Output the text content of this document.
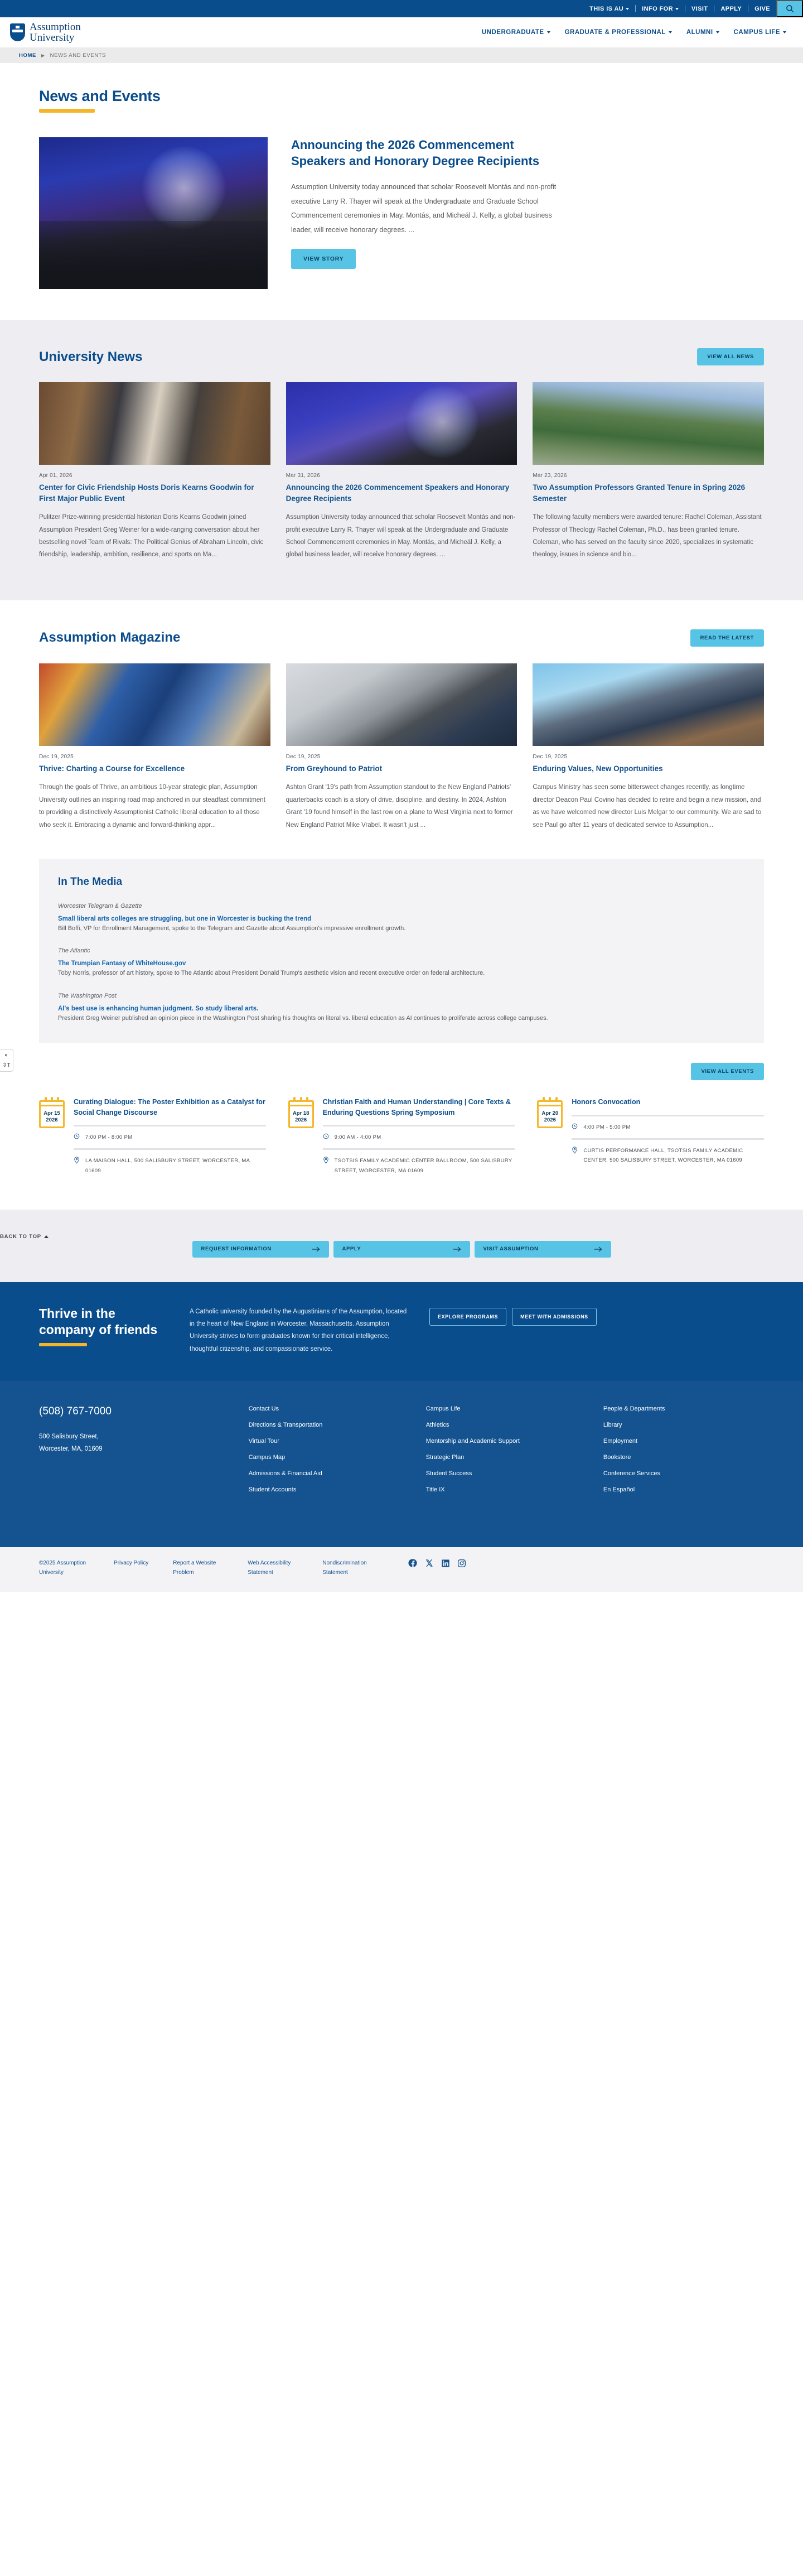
THIS IS AU	INFO FOR	VISIT APPLY GIVE
Assumption
University	UNDERGRADUATE	GRADUATE & PROFESSIONAL	ALUMNI	CAMPUS LIFE
HOME ▶ NEWS AND EVENTS
News and Events
Announcing the 2026 Commencement Speakers and Honorary Degree Recipients

Assumption University today announced that scholar Roosevelt Montás and non-profit executive Larry R. Thayer will speak at the Undergraduate and Graduate School Commencement ceremonies in May. Montás, and Micheál J. Kelly, a global business leader, will receive honorary degrees. ...

VIEW STORY
University News	VIEW ALL NEWS
Apr 01, 2026
Center for Civic Friendship Hosts Doris Kearns Goodwin for First Major Public Event

Pulitzer Prize-winning presidential historian Doris Kearns Goodwin joined Assumption President Greg Weiner for a wide-ranging conversation about her bestselling novel Team of Rivals: The Political Genius of Abraham Lincoln, civic friendship, leadership, ambition, resilience, and sports on Ma...

Mar 31, 2026
Announcing the 2026 Commencement Speakers and Honorary Degree Recipients

Assumption University today announced that scholar Roosevelt Montás and non-profit executive Larry R. Thayer will speak at the Undergraduate and Graduate School Commencement ceremonies in May. Montás, and Micheál J. Kelly, a global business leader, will receive honorary degrees. ...

Mar 23, 2026
Two Assumption Professors Granted Tenure in Spring 2026 Semester

The following faculty members were awarded tenure: Rachel Coleman, Assistant Professor of Theology Rachel Coleman, Ph.D., has been granted tenure. Coleman, who has served on the faculty since 2020, specializes in systematic theology, issues in science and bio...

Assumption Magazine	READ THE LATEST
Dec 19, 2025
Thrive: Charting a Course for Excellence

Through the goals of Thrive, an ambitious 10-year strategic plan, Assumption University outlines an inspiring road map anchored in our steadfast commitment to providing a distinctively Assumptionist Catholic liberal education to all those who seek it. Embracing a dynamic and forward-thinking appr...

Dec 19, 2025
From Greyhound to Patriot

Ashton Grant '19's path from Assumption standout to the New England Patriots' quarterbacks coach is a story of drive, discipline, and destiny. In 2024, Ashton Grant '19 found himself in the last row on a plane to West Virginia next to former New England Patriot Mike Vrabel. It wasn't just ...

Dec 19, 2025
Enduring Values, New Opportunities

Campus Ministry has seen some bittersweet changes recently, as longtime director Deacon Paul Covino has decided to retire and begin a new mission, and as we have welcomed new director Luis Melgar to our community. We are sad to see Paul go after 11 years of dedicated service to Assumption...

In The Media
Worcester Telegram & Gazette
Small liberal arts colleges are struggling, but one in Worcester is bucking the trend

Bill Boffi, VP for Enrollment Management, spoke to the Telegram and Gazette about Assumption's impressive enrollment growth.

The Atlantic
The Trumpian Fantasy of WhiteHouse.gov

Toby Norris, professor of art history, spoke to The Atlantic about President Donald Trump's aesthetic vision and recent executive order on federal architecture.

The Washington Post
AI's best use is enhancing human judgment. So study liberal arts.

President Greg Weiner published an opinion piece in the Washington Post sharing his thoughts on literal vs. liberal education as AI continues to proliferate across college campuses.

VIEW ALL EVENTS
Apr 15
2026
Curating Dialogue: The Poster Exhibition as a Catalyst for Social Change Discourse
7:00 PM - 8:00 PM
LA MAISON HALL, 500 SALISBURY STREET, WORCESTER, MA 01609
Apr 18
2026
Christian Faith and Human Understanding | Core Texts & Enduring Questions Spring Symposium
9:00 AM - 4:00 PM
TSOTSIS FAMILY ACADEMIC CENTER BALLROOM, 500 SALISBURY STREET, WORCESTER, MA 01609
Apr 20
2026
Honors Convocation
4:00 PM - 5:00 PM
CURTIS PERFORMANCE HALL, TSOTSIS FAMILY ACADEMIC CENTER, 500 SALISBURY STREET, WORCESTER, MA 01609
BACK TO TOP
REQUEST INFORMATION	APPLY	VISIT ASSUMPTION
Thrive in the company of friends

A Catholic university founded by the Augustinians of the Assumption, located in the heart of New England in Worcester, Massachusetts. Assumption University strives to form graduates known for their critical intelligence, thoughtful citizenship, and compassionate service.

EXPLORE PROGRAMS	MEET WITH ADMISSIONS
(508) 767-7000
500 Salisbury Street,
Worcester, MA, 01609
Contact Us
Directions & Transportation
Virtual Tour
Campus Map
Admissions & Financial Aid
Student Accounts
Campus Life
Athletics
Mentorship and Academic Support
Strategic Plan
Student Success
Title IX
People & Departments
Library
Employment
Bookstore
Conference Services
En Español
©2025 Assumption University
Privacy Policy	Report a Website Problem
Web Accessibility Statement
Nondiscrimination Statement
◐
⇳T
